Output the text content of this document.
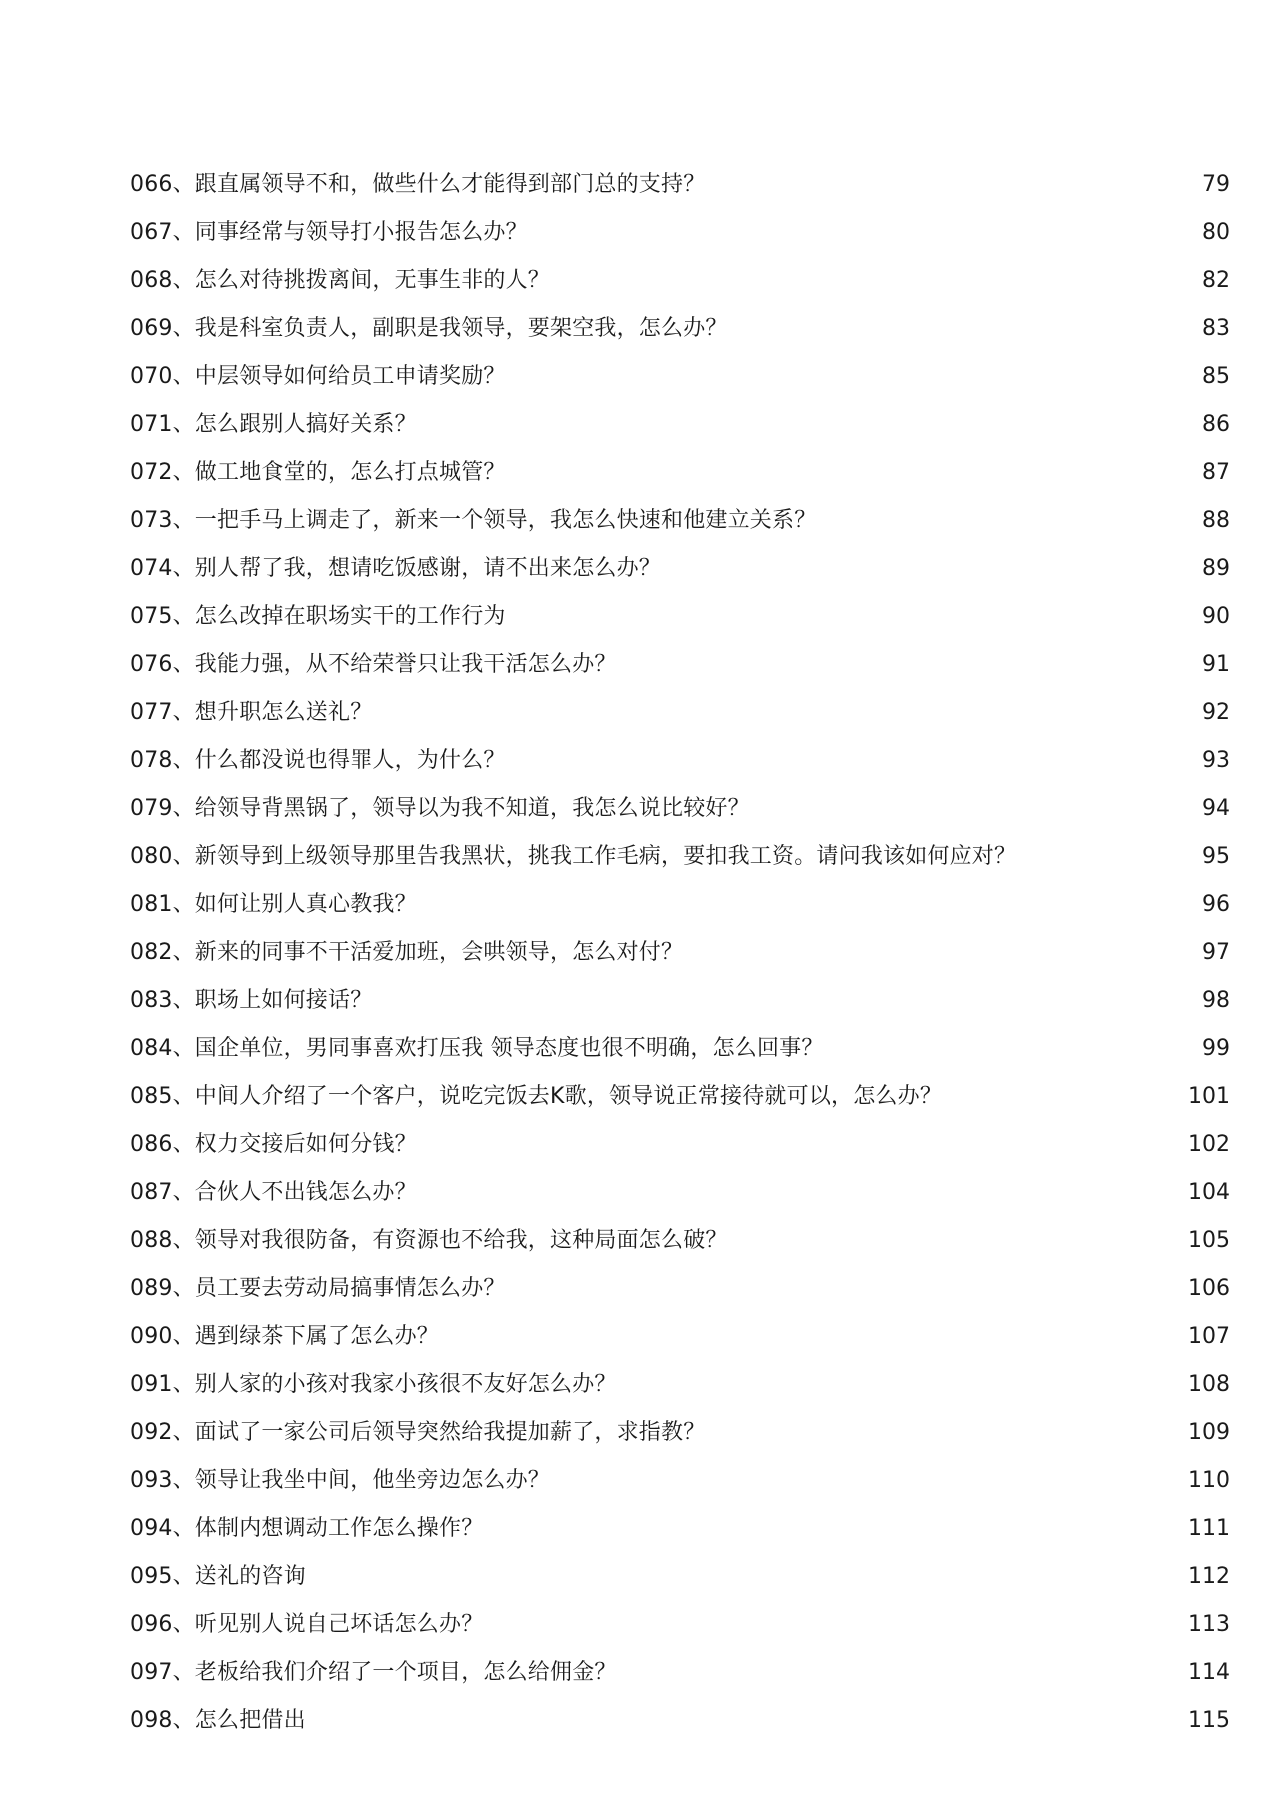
066、跟直属领导不和，做些什么才能得到部门总的支持？	79
067、同事经常与领导打小报告怎么办？	80
068、怎么对待挑拨离间，无事生非的人？	82
069、我是科室负责人，副职是我领导，要架空我，怎么办？	83
070、中层领导如何给员工申请奖励？	85
071、怎么跟别人搞好关系？	86
072、做工地食堂的，怎么打点城管？	87
073、一把手马上调走了，新来一个领导，我怎么快速和他建立关系？	88
074、别人帮了我，想请吃饭感谢，请不出来怎么办？	89
075、怎么改掉在职场实干的工作行为	90
076、我能力强，从不给荣誉只让我干活怎么办？	91
077、想升职怎么送礼？	92
078、什么都没说也得罪人，为什么？	93
079、给领导背黑锅了，领导以为我不知道，我怎么说比较好？	94
080、新领导到上级领导那里告我黑状，挑我工作毛病，要扣我工资。请问我该如何应对？	95
081、如何让别人真心教我？	96
082、新来的同事不干活爱加班，会哄领导，怎么对付？	97
083、职场上如何接话？	98
084、国企单位，男同事喜欢打压我 领导态度也很不明确，怎么回事？	99
085、中间人介绍了一个客户，说吃完饭去K歌，领导说正常接待就可以，怎么办？	101
086、权力交接后如何分钱？	102
087、合伙人不出钱怎么办？	104
088、领导对我很防备，有资源也不给我，这种局面怎么破？	105
089、员工要去劳动局搞事情怎么办？	106
090、遇到绿茶下属了怎么办？	107
091、别人家的小孩对我家小孩很不友好怎么办？	108
092、面试了一家公司后领导突然给我提加薪了，求指教？	109
093、领导让我坐中间，他坐旁边怎么办？	110
094、体制内想调动工作怎么操作？	111
095、送礼的咨询	112
096、听见别人说自己坏话怎么办？	113
097、老板给我们介绍了一个项目，怎么给佣金？	114
098、怎么把借出	115
